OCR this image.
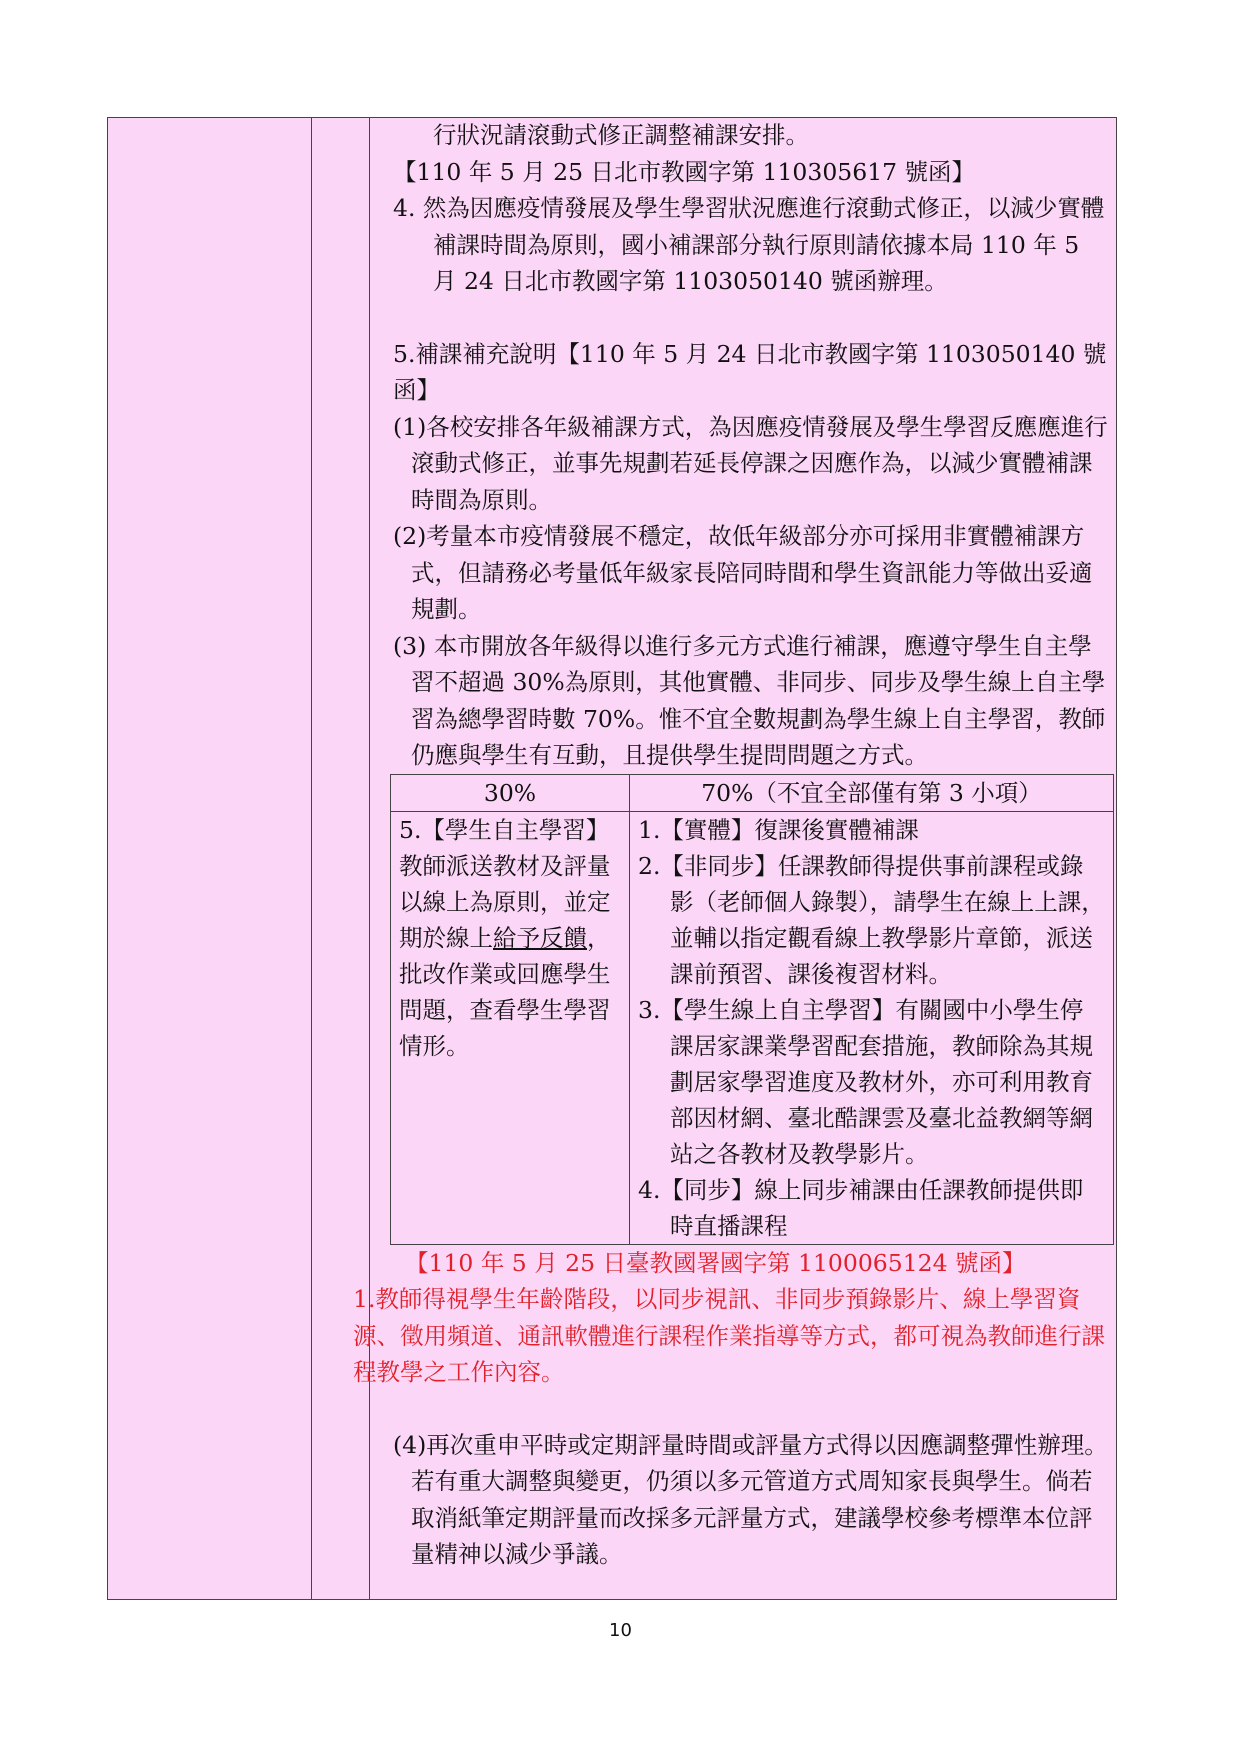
行狀況請滾動式修正調整補課安排。

【110 年 5 月 25 日北市教國字第 110305617 號函】

4. 然為因應疫情發展及學生學習狀況應進行滾動式修正，以減少實體補課時間為原則，國小補課部分執行原則請依據本局 110 年 5 月 24 日北市教國字第 1103050140 號函辦理。

5.補課補充說明【110 年 5 月 24 日北市教國字第 1103050140 號函】

(1)各校安排各年級補課方式，為因應疫情發展及學生學習反應應進行滾動式修正，並事先規劃若延長停課之因應作為，以減少實體補課時間為原則。

(2)考量本市疫情發展不穩定，故低年級部分亦可採用非實體補課方式，但請務必考量低年級家長陪同時間和學生資訊能力等做出妥適規劃。

(3) 本市開放各年級得以進行多元方式進行補課，應遵守學生自主學習不超過 30%為原則，其他實體、非同步、同步及學生線上自主學習為總學習時數 70%。惟不宜全數規劃為學生線上自主學習，教師仍應與學生有互動，且提供學生提問問題之方式。

30%	70%（不宜全部僅有第 3 小項）
5.【學生自主學習】教師派送教材及評量以線上為原則，並定期於線上給予反饋，批改作業或回應學生問題，查看學生學習情形。	1.【實體】復課後實體補課
2.【非同步】任課教師得提供事前課程或錄影（老師個人錄製），請學生在線上上課，並輔以指定觀看線上教學影片章節，派送課前預習、課後複習材料。
3.【學生線上自主學習】有關國中小學生停課居家課業學習配套措施，教師除為其規劃居家學習進度及教材外，亦可利用教育部因材網、臺北酷課雲及臺北益教網等網站之各教材及教學影片。
4.【同步】線上同步補課由任課教師提供即時直播課程

【110 年 5 月 25 日臺教國署國字第 1100065124 號函】

1.教師得視學生年齡階段，以同步視訊、非同步預錄影片、線上學習資源、徵用頻道、通訊軟體進行課程作業指導等方式，都可視為教師進行課程教學之工作內容。

(4)再次重申平時或定期評量時間或評量方式得以因應調整彈性辦理。若有重大調整與變更，仍須以多元管道方式周知家長與學生。倘若取消紙筆定期評量而改採多元評量方式，建議學校參考標準本位評量精神以減少爭議。

10
